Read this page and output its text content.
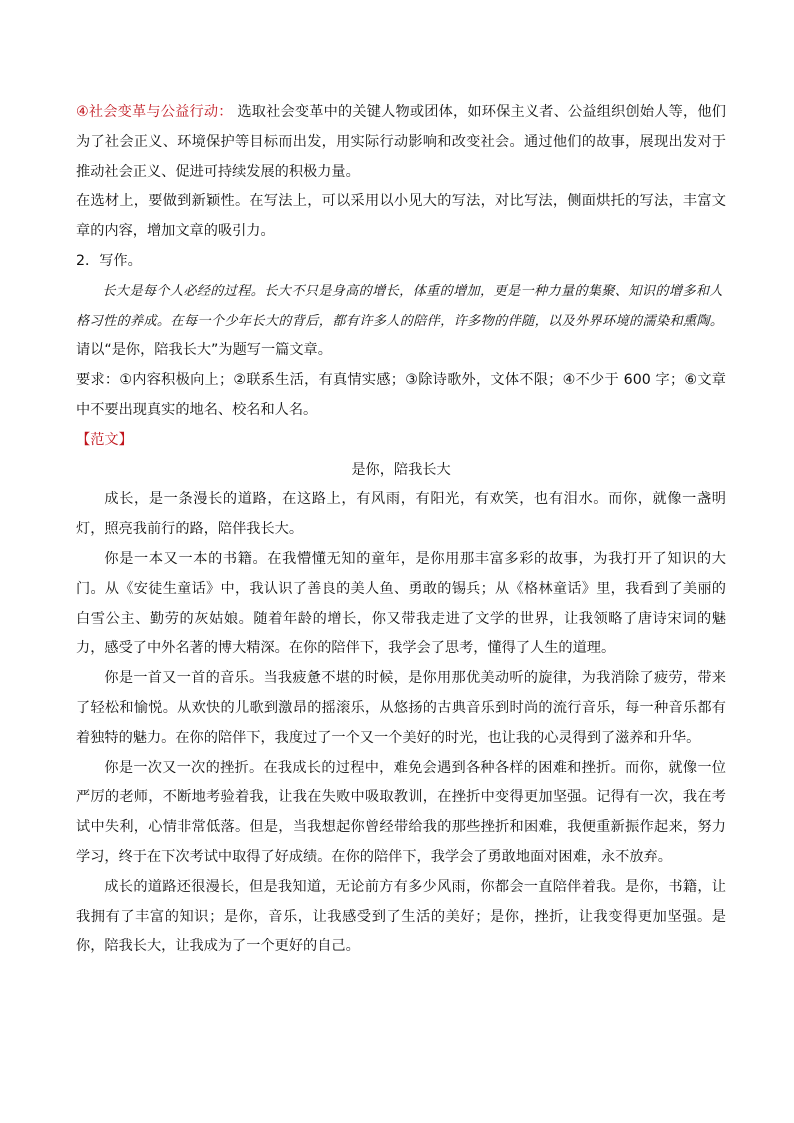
④社会变革与公益行动： 选取社会变革中的关键人物或团体，如环保主义者、公益组织创始人等，他们为了社会正义、环境保护等目标而出发，用实际行动影响和改变社会。通过他们的故事，展现出发对于推动社会正义、促进可持续发展的积极力量。

在选材上，要做到新颖性。在写法上，可以采用以小见大的写法，对比写法，侧面烘托的写法，丰富文章的内容，增加文章的吸引力。

2．写作。

长大是每个人必经的过程。长大不只是身高的增长，体重的增加，更是一种力量的集聚、知识的增多和人格习性的养成。在每一个少年长大的背后，都有许多人的陪伴，许多物的伴随，以及外界环境的濡染和熏陶。

请以“是你，陪我长大”为题写一篇文章。

要求：①内容积极向上；②联系生活，有真情实感；③除诗歌外，文体不限；④不少于 600 字；⑥文章中不要出现真实的地名、校名和人名。

【范文】

是你，陪我长大

成长，是一条漫长的道路，在这路上，有风雨，有阳光，有欢笑，也有泪水。而你，就像一盏明灯，照亮我前行的路，陪伴我长大。

你是一本又一本的书籍。在我懵懂无知的童年，是你用那丰富多彩的故事，为我打开了知识的大门。从《安徒生童话》中，我认识了善良的美人鱼、勇敢的锡兵；从《格林童话》里，我看到了美丽的白雪公主、勤劳的灰姑娘。随着年龄的增长，你又带我走进了文学的世界，让我领略了唐诗宋词的魅力，感受了中外名著的博大精深。在你的陪伴下，我学会了思考，懂得了人生的道理。

你是一首又一首的音乐。当我疲惫不堪的时候，是你用那优美动听的旋律，为我消除了疲劳，带来了轻松和愉悦。从欢快的儿歌到激昂的摇滚乐，从悠扬的古典音乐到时尚的流行音乐，每一种音乐都有着独特的魅力。在你的陪伴下，我度过了一个又一个美好的时光，也让我的心灵得到了滋养和升华。

你是一次又一次的挫折。在我成长的过程中，难免会遇到各种各样的困难和挫折。而你，就像一位严厉的老师，不断地考验着我，让我在失败中吸取教训，在挫折中变得更加坚强。记得有一次，我在考试中失利，心情非常低落。但是，当我想起你曾经带给我的那些挫折和困难，我便重新振作起来，努力学习，终于在下次考试中取得了好成绩。在你的陪伴下，我学会了勇敢地面对困难，永不放弃。

成长的道路还很漫长，但是我知道，无论前方有多少风雨，你都会一直陪伴着我。是你，书籍，让我拥有了丰富的知识；是你，音乐，让我感受到了生活的美好；是你，挫折，让我变得更加坚强。是你，陪我长大，让我成为了一个更好的自己。
